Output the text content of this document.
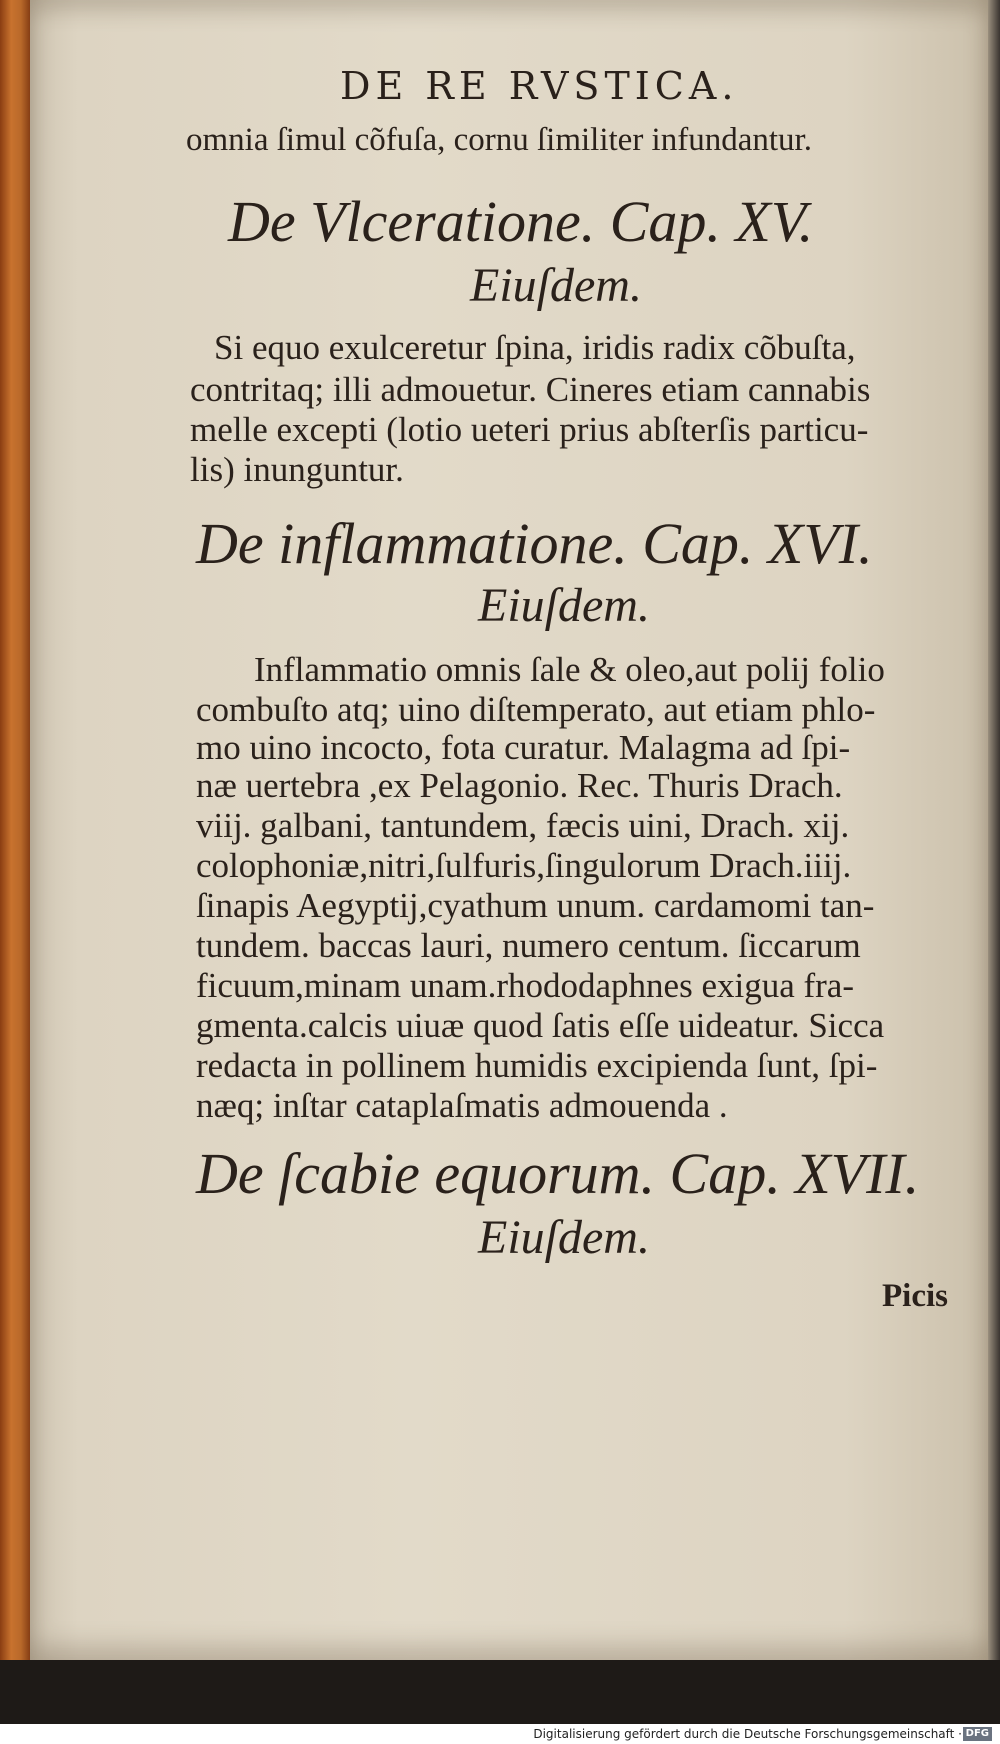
DE RE RVSTICA.
omnia ſimul cõfuſa, cornu ſimiliter infundantur.
De Vlceratione. Cap. XV.
Eiuſdem.
Si equo exulceretur ſpina, iridis radix cõbuſta,
contritaq; illi admouetur. Cineres etiam cannabis
melle excepti (lotio ueteri prius abſterſis particu-
lis) inunguntur.
De inflammatione. Cap. XVI.
Eiuſdem.
Inflammatio omnis ſale & oleo,aut polij folio
combuſto atq; uino diſtemperato, aut etiam phlo-
mo uino incocto, fota curatur. Malagma ad ſpi-
næ uertebra ,ex Pelagonio. Rec. Thuris Drach.
viij. galbani, tantundem, fæcis uini, Drach. xij.
colophoniæ,nitri,ſulfuris,ſingulorum Drach.iiij.
ſinapis Aegyptij,cyathum unum. cardamomi tan-
tundem. baccas lauri, numero centum. ſiccarum
ficuum,minam unam.rhododaphnes exigua fra-
gmenta.calcis uiuæ quod ſatis eſſe uideatur. Sicca
redacta in pollinem humidis excipienda ſunt, ſpi-
næq; inſtar cataplaſmatis admouenda .
De ſcabie equorum. Cap. XVII.
Eiuſdem.
Picis
Digitalisierung gefördert durch die Deutsche Forschungsgemeinschaft · DFG
